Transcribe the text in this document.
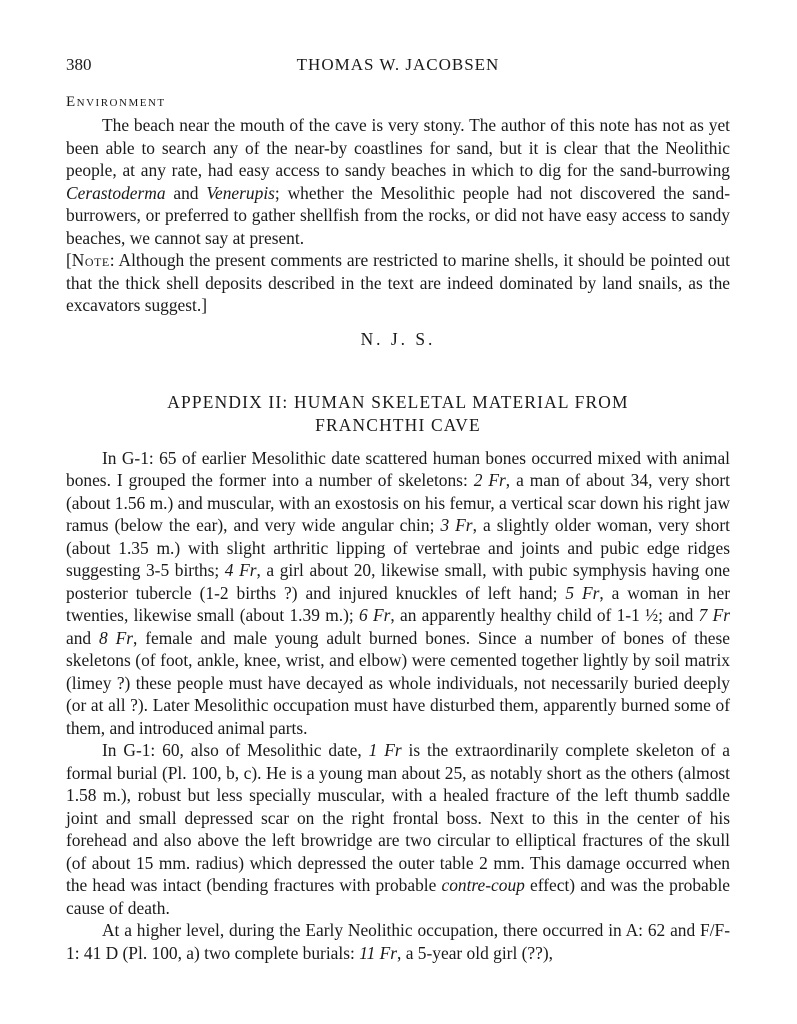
380	THOMAS W. JACOBSEN
Environment

The beach near the mouth of the cave is very stony. The author of this note has not as yet been able to search any of the near-by coastlines for sand, but it is clear that the Neolithic people, at any rate, had easy access to sandy beaches in which to dig for the sand-burrowing Cerastoderma and Venerupis; whether the Mesolithic people had not discovered the sand-burrowers, or preferred to gather shellfish from the rocks, or did not have easy access to sandy beaches, we cannot say at present.

[Note: Although the present comments are restricted to marine shells, it should be pointed out that the thick shell deposits described in the text are indeed dominated by land snails, as the excavators suggest.]

N. J. S.
APPENDIX II: HUMAN SKELETAL MATERIAL FROM
FRANCHTHI CAVE

In G-1: 65 of earlier Mesolithic date scattered human bones occurred mixed with animal bones. I grouped the former into a number of skeletons: 2 Fr, a man of about 34, very short (about 1.56 m.) and muscular, with an exostosis on his femur, a vertical scar down his right jaw ramus (below the ear), and very wide angular chin; 3 Fr, a slightly older woman, very short (about 1.35 m.) with slight arthritic lipping of vertebrae and joints and pubic edge ridges suggesting 3-5 births; 4 Fr, a girl about 20, likewise small, with pubic symphysis having one posterior tubercle (1-2 births ?) and injured knuckles of left hand; 5 Fr, a woman in her twenties, likewise small (about 1.39 m.); 6 Fr, an apparently healthy child of 1-1 ½; and 7 Fr and 8 Fr, female and male young adult burned bones. Since a number of bones of these skeletons (of foot, ankle, knee, wrist, and elbow) were cemented together lightly by soil matrix (limey ?) these people must have decayed as whole individuals, not necessarily buried deeply (or at all ?). Later Mesolithic occupation must have disturbed them, apparently burned some of them, and introduced animal parts.

In G-1: 60, also of Mesolithic date, 1 Fr is the extraordinarily complete skeleton of a formal burial (Pl. 100, b, c). He is a young man about 25, as notably short as the others (almost 1.58 m.), robust but less specially muscular, with a healed fracture of the left thumb saddle joint and small depressed scar on the right frontal boss. Next to this in the center of his forehead and also above the left browridge are two circular to elliptical fractures of the skull (of about 15 mm. radius) which depressed the outer table 2 mm. This damage occurred when the head was intact (bending fractures with probable contre-coup effect) and was the probable cause of death.

At a higher level, during the Early Neolithic occupation, there occurred in A: 62 and F/F-1: 41 D (Pl. 100, a) two complete burials: 11 Fr, a 5-year old girl (??),
